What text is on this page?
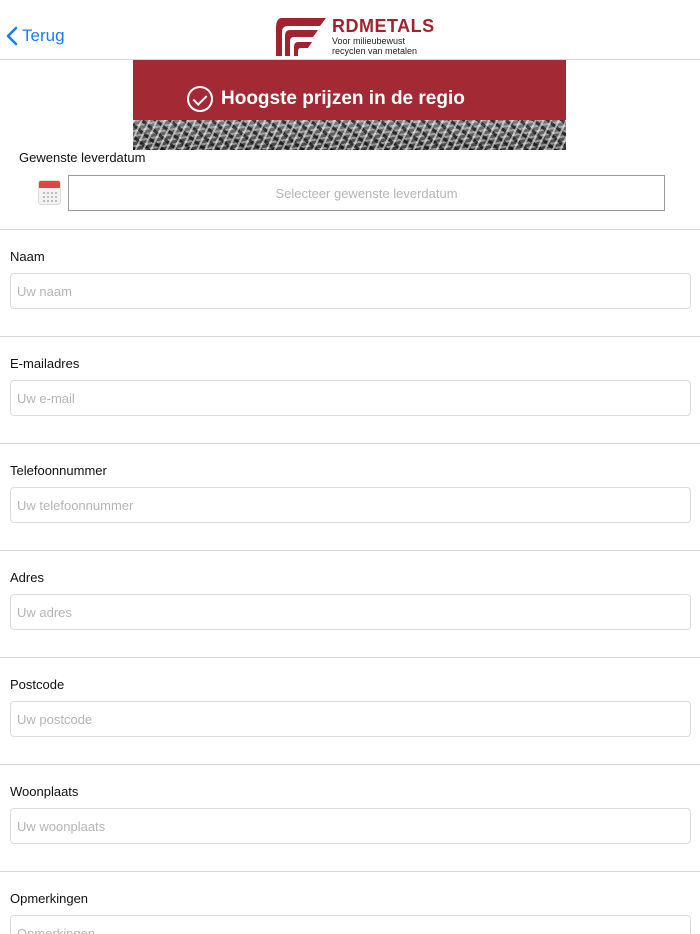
Terug	RDMETALS
Voor milieubewust
recyclen van metalen
Hoogste prijzen in de regio
Gewenste leverdatum
Selecteer gewenste leverdatum
Naam
Uw naam
E-mailadres
Uw e-mail
Telefoonnummer
Uw telefoonnummer
Adres
Uw adres
Postcode
Uw postcode
Woonplaats
Uw woonplaats
Opmerkingen
Opmerkingen
